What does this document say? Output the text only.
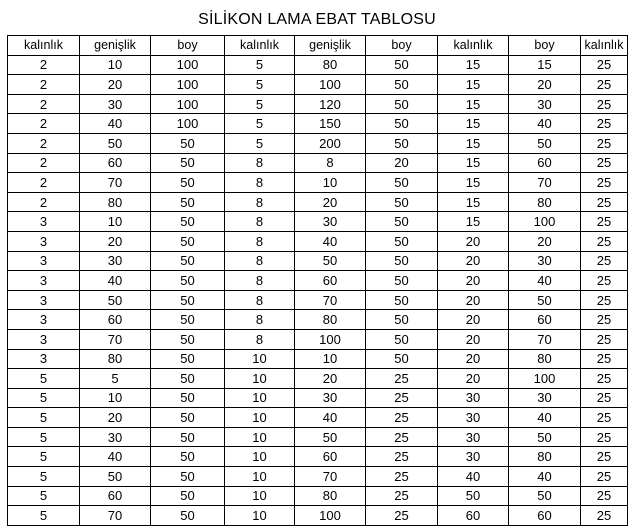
SİLİKON LAMA EBAT TABLOSU
kalınlık	genişlik	boy	kalınlık	genişlik	boy	kalınlık	boy	kalınlık
2	10	100	5	80	50	15	15	25
2	20	100	5	100	50	15	20	25
2	30	100	5	120	50	15	30	25
2	40	100	5	150	50	15	40	25
2	50	50	5	200	50	15	50	25
2	60	50	8	8	20	15	60	25
2	70	50	8	10	50	15	70	25
2	80	50	8	20	50	15	80	25
3	10	50	8	30	50	15	100	25
3	20	50	8	40	50	20	20	25
3	30	50	8	50	50	20	30	25
3	40	50	8	60	50	20	40	25
3	50	50	8	70	50	20	50	25
3	60	50	8	80	50	20	60	25
3	70	50	8	100	50	20	70	25
3	80	50	10	10	50	20	80	25
5	5	50	10	20	25	20	100	25
5	10	50	10	30	25	30	30	25
5	20	50	10	40	25	30	40	25
5	30	50	10	50	25	30	50	25
5	40	50	10	60	25	30	80	25
5	50	50	10	70	25	40	40	25
5	60	50	10	80	25	50	50	25
5	70	50	10	100	25	60	60	25
